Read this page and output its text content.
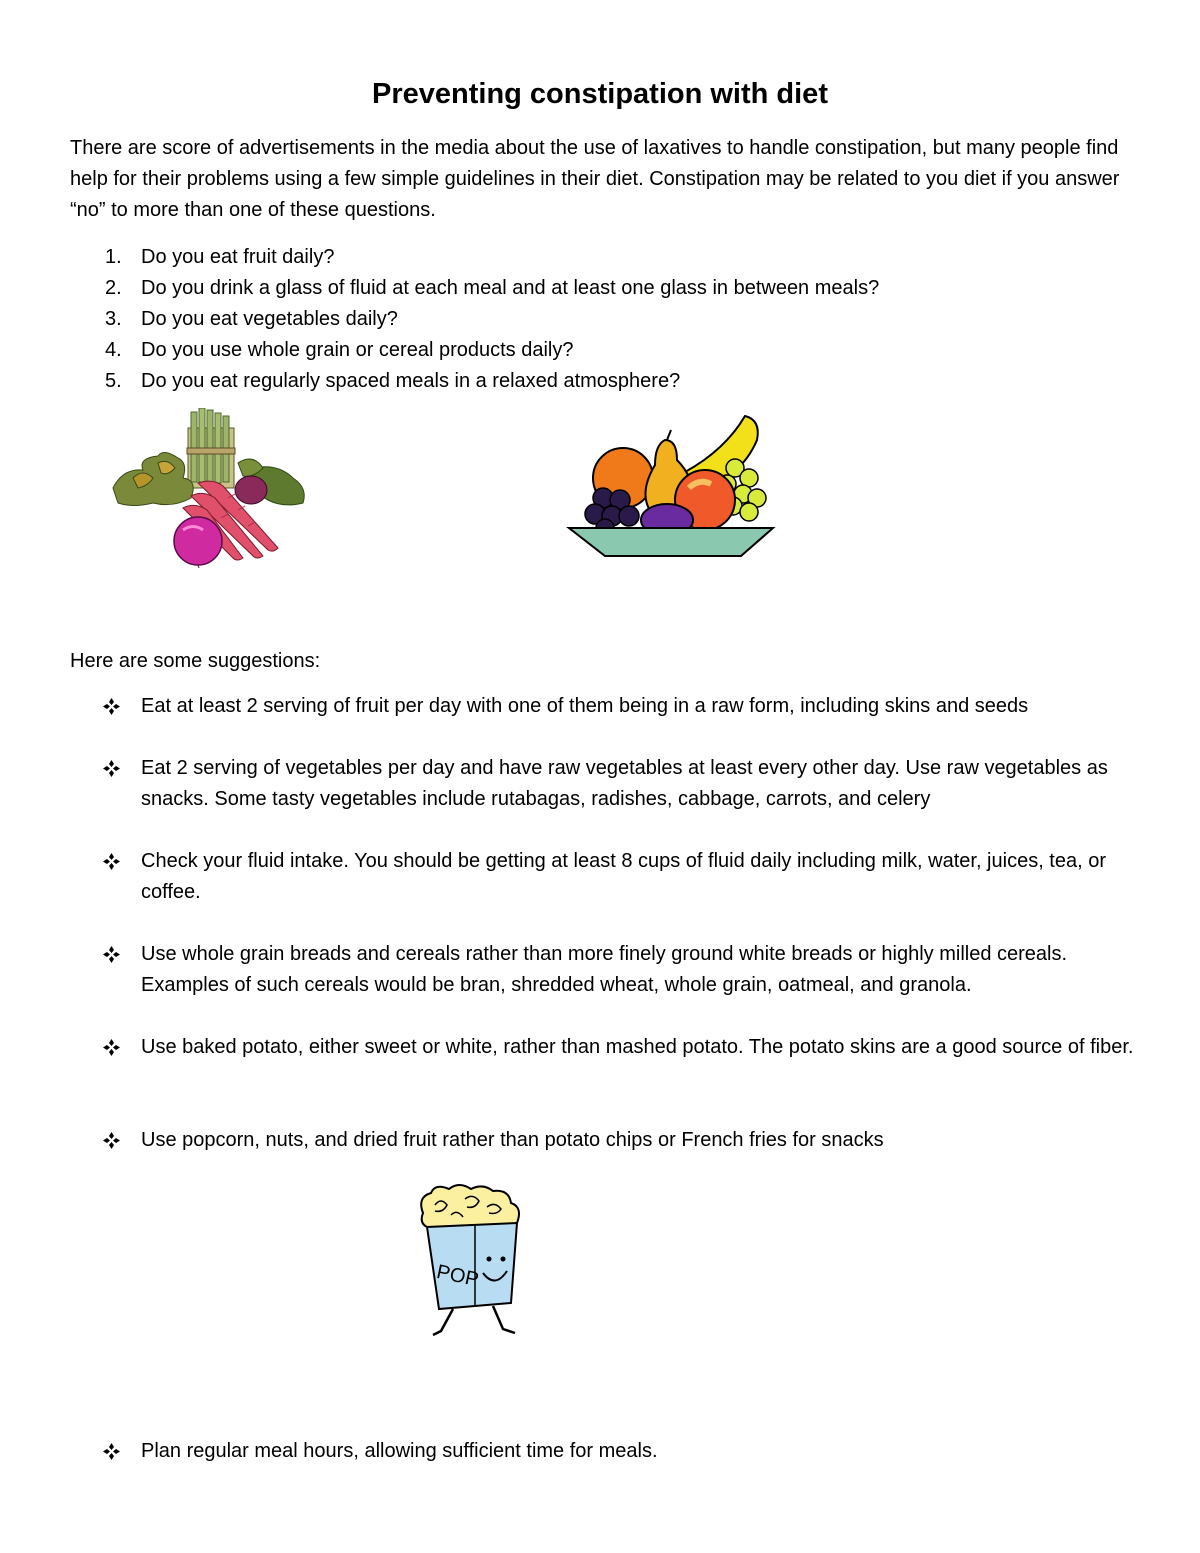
Preventing constipation with diet
There are score of advertisements in the media about the use of laxatives to handle constipation, but many people find help for their problems using a few simple guidelines in their diet. Constipation may be related to you diet if you answer “no” to more than one of these questions.
1. Do you eat fruit daily?
2. Do you drink a glass of fluid at each meal and at least one glass in between meals?
3. Do you eat vegetables daily?
4. Do you use whole grain or cereal products daily?
5. Do you eat regularly spaced meals in a relaxed atmosphere?
Here are some suggestions:
Eat at least 2 serving of fruit per day with one of them being in a raw form, including skins and seeds
Eat 2 serving of vegetables per day and have raw vegetables at least every other day. Use raw vegetables as snacks. Some tasty vegetables include rutabagas, radishes, cabbage, carrots, and celery
Check your fluid intake. You should be getting at least 8 cups of fluid daily including milk, water, juices, tea, or coffee.
Use whole grain breads and cereals rather than more finely ground white breads or highly milled cereals. Examples of such cereals would be bran, shredded wheat, whole grain, oatmeal, and granola.
Use baked potato, either sweet or white, rather than mashed potato. The potato skins are a good source of fiber.
Use popcorn, nuts, and dried fruit rather than potato chips or French fries for snacks
POP
Plan regular meal hours, allowing sufficient time for meals.
